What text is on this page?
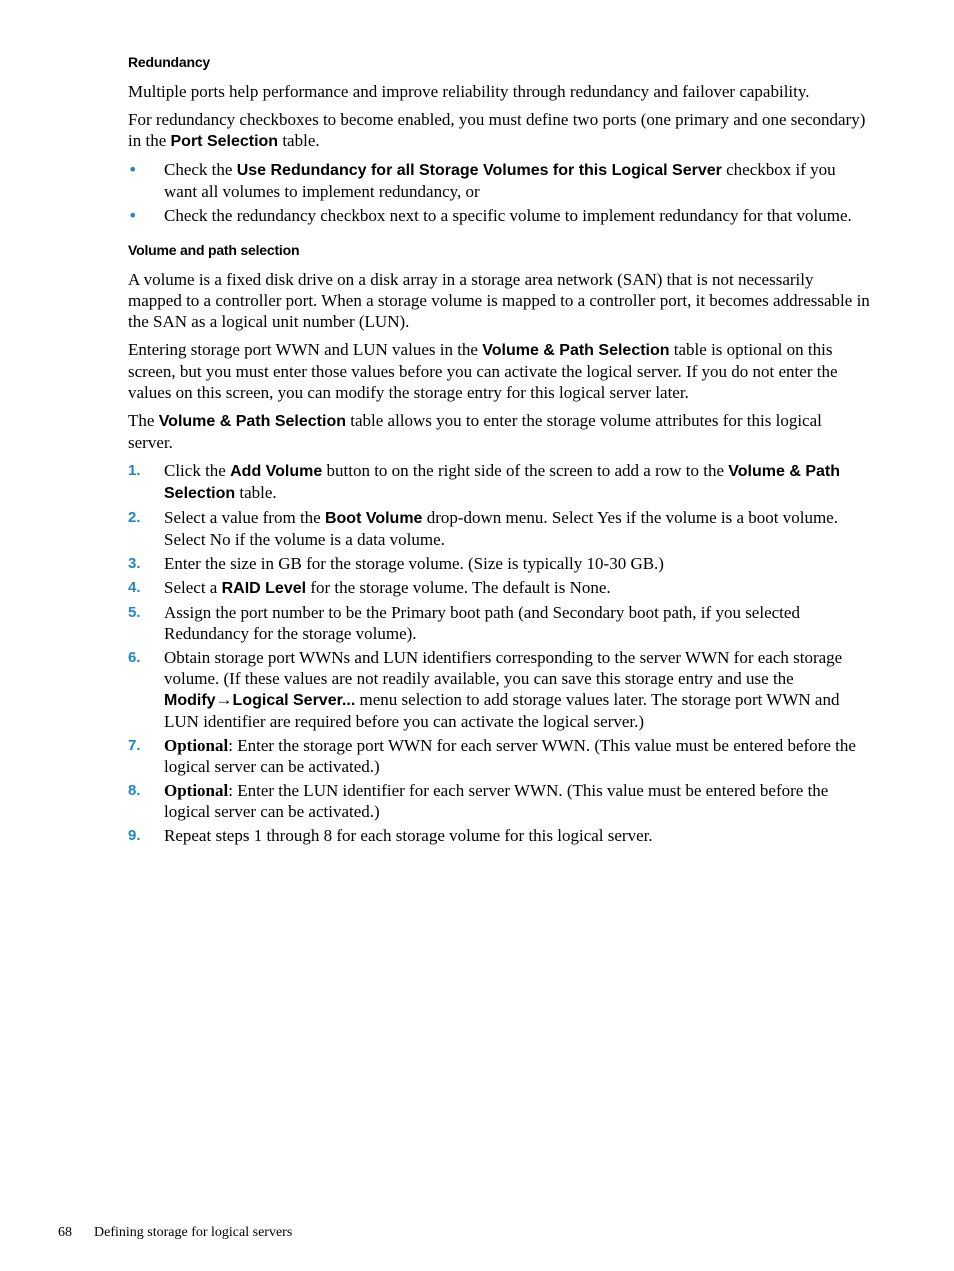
Redundancy

Multiple ports help performance and improve reliability through redundancy and failover capability.

For redundancy checkboxes to become enabled, you must define two ports (one primary and one secondary) in the Port Selection table.

• Check the Use Redundancy for all Storage Volumes for this Logical Server checkbox if you want all volumes to implement redundancy, or
• Check the redundancy checkbox next to a specific volume to implement redundancy for that volume.
Volume and path selection

A volume is a fixed disk drive on a disk array in a storage area network (SAN) that is not necessarily mapped to a controller port. When a storage volume is mapped to a controller port, it becomes addressable in the SAN as a logical unit number (LUN).

Entering storage port WWN and LUN values in the Volume & Path Selection table is optional on this screen, but you must enter those values before you can activate the logical server. If you do not enter the values on this screen, you can modify the storage entry for this logical server later.

The Volume & Path Selection table allows you to enter the storage volume attributes for this logical server.

1. Click the Add Volume button to on the right side of the screen to add a row to the Volume & Path Selection table.
2. Select a value from the Boot Volume drop-down menu. Select Yes if the volume is a boot volume. Select No if the volume is a data volume.
3. Enter the size in GB for the storage volume. (Size is typically 10-30 GB.)
4. Select a RAID Level for the storage volume. The default is None.
5. Assign the port number to be the Primary boot path (and Secondary boot path, if you selected Redundancy for the storage volume).
6. Obtain storage port WWNs and LUN identifiers corresponding to the server WWN for each storage volume. (If these values are not readily available, you can save this storage entry and use the Modify→Logical Server... menu selection to add storage values later. The storage port WWN and LUN identifier are required before you can activate the logical server.)
7. Optional: Enter the storage port WWN for each server WWN. (This value must be entered before the logical server can be activated.)
8. Optional: Enter the LUN identifier for each server WWN. (This value must be entered before the logical server can be activated.)
9. Repeat steps 1 through 8 for each storage volume for this logical server.
68 Defining storage for logical servers
